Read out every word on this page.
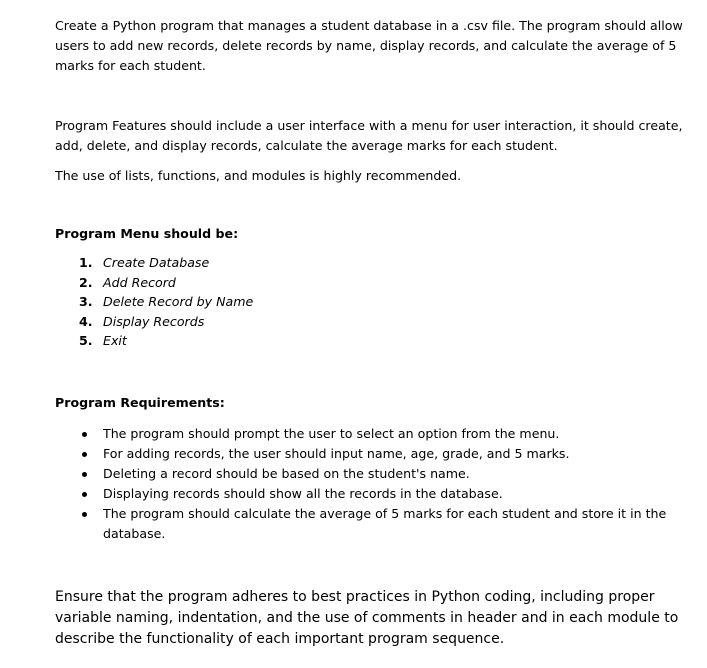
Create a Python program that manages a student database in a .csv file. The program should allow users to add new records, delete records by name, display records, and calculate the average of 5 marks for each student.

Program Features should include a user interface with a menu for user interaction, it should create, add, delete, and display records, calculate the average marks for each student.

The use of lists, functions, and modules is highly recommended.

Program Menu should be:

1. Create Database
2. Add Record
3. Delete Record by Name
4. Display Records
5. Exit

Program Requirements:

The program should prompt the user to select an option from the menu.
For adding records, the user should input name, age, grade, and 5 marks.
Deleting a record should be based on the student's name.
Displaying records should show all the records in the database.
The program should calculate the average of 5 marks for each student and store it in the database.

Ensure that the program adheres to best practices in Python coding, including proper variable naming, indentation, and the use of comments in header and in each module to describe the functionality of each important program sequence.
